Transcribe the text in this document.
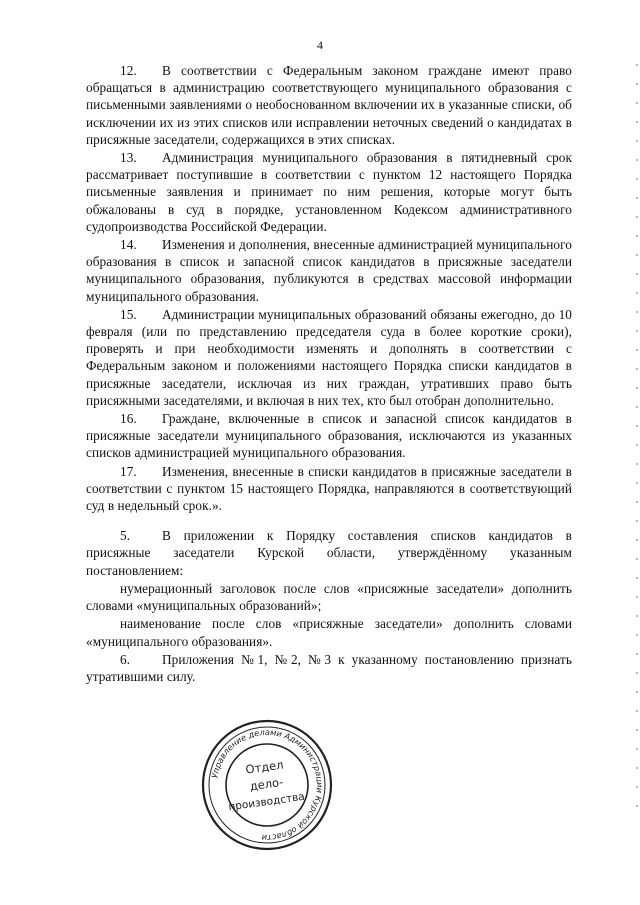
4

12. В соответствии с Федеральным законом граждане имеют право обращаться в администрацию соответствующего муниципального образования с письменными заявлениями о необоснованном включении их в указанные списки, об исключении их из этих списков или исправлении неточных сведений о кандидатах в присяжные заседатели, содержащихся в этих списках.

13. Администрация муниципального образования в пятидневный срок рассматривает поступившие в соответствии с пунктом 12 настоящего Порядка письменные заявления и принимает по ним решения, которые могут быть обжалованы в суд в порядке, установленном Кодексом административного судопроизводства Российской Федерации.

14. Изменения и дополнения, внесенные администрацией муниципального образования в список и запасной список кандидатов в присяжные заседатели муниципального образования, публикуются в средствах массовой информации муниципального образования.

15. Администрации муниципальных образований обязаны ежегодно, до 10 февраля (или по представлению председателя суда в более короткие сроки), проверять и при необходимости изменять и дополнять в соответствии с Федеральным законом и положениями настоящего Порядка списки кандидатов в присяжные заседатели, исключая из них граждан, утративших право быть присяжными заседателями, и включая в них тех, кто был отобран дополнительно.

16. Граждане, включенные в список и запасной список кандидатов в присяжные заседатели муниципального образования, исключаются из указанных списков администрацией муниципального образования.

17. Изменения, внесенные в списки кандидатов в присяжные заседатели в соответствии с пунктом 15 настоящего Порядка, направляются в соответствующий суд в недельный срок.».

5. В приложении к Порядку составления списков кандидатов в присяжные заседатели Курской области, утверждённому указанным постановлением:

нумерационный заголовок после слов «присяжные заседатели» дополнить словами «муниципальных образований»;

наименование после слов «присяжные заседатели» дополнить словами «муниципального образования».

6. Приложения №1, №2, №3 к указанному постановлению признать утратившими силу.

Управление делами Администрации Курской области
Отдел
дело-
производства
